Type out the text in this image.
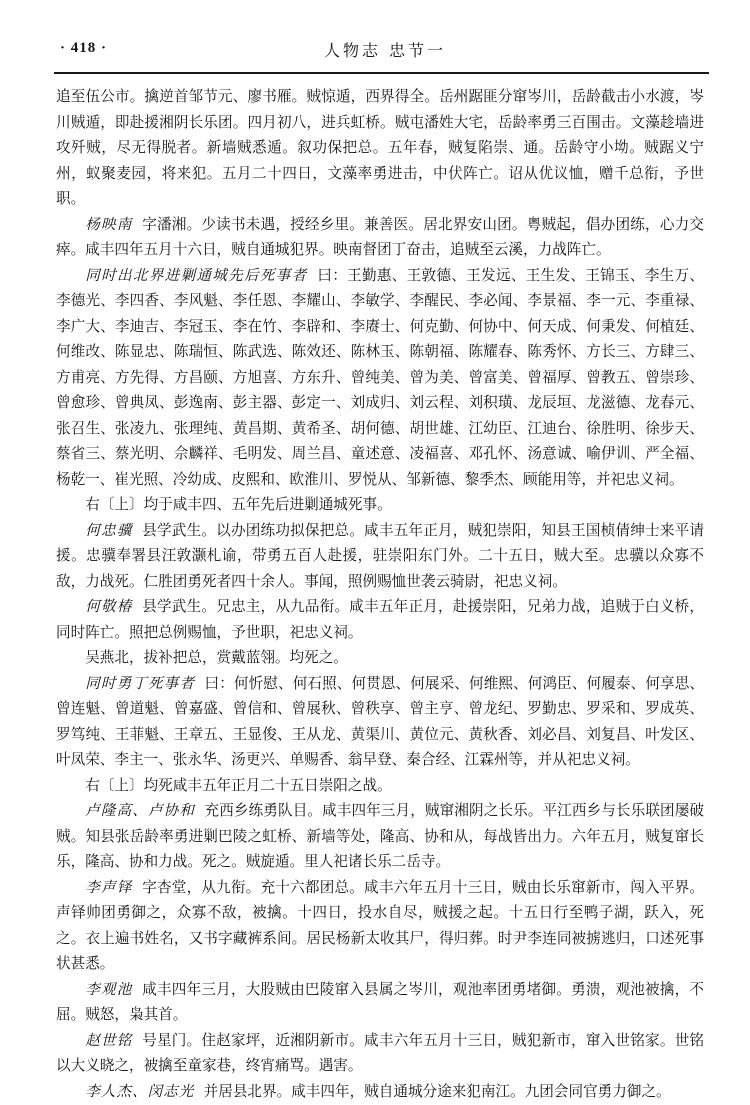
· 418 ·	人物志 忠节一

追至伍公市。擒逆首邹节元、廖书雁。贼惊遁，西界得全。岳州踞匪分窜岑川，岳龄截击小水渡，岑川贼遁，即赴援湘阴长乐团。四月初八，进兵虹桥。贼屯潘姓大宅，岳龄率勇三百围击。文藻趁墙进攻歼贼，尽无得脱者。新墙贼悉遁。叙功保把总。五年春，贼复陷崇、通。岳龄守小坳。贼踞义宁州，蚁聚麦园，将来犯。五月二十四日，文藻率勇进击，中伏阵亡。诏从优议恤，赠千总衔，予世职。

杨映南 字潘湘。少读书未遇，授经乡里。兼善医。居北界安山团。粤贼起，倡办团练，心力交瘁。咸丰四年五月十六日，贼自通城犯界。映南督团丁奋击，追贼至云溪，力战阵亡。

同时出北界进剿通城先后死事者 曰：王勤惠、王敦德、王发远、王生发、王锦玉、李生万、李德光、李四香、李风魁、李任恩、李耀山、李敏学、李醒民、李必闻、李景福、李一元、李重禄、李广大、李迪吉、李冠玉、李在竹、李辟和、李赓士、何克勤、何协中、何天成、何秉发、何植廷、何维改、陈显忠、陈瑞恒、陈武选、陈效还、陈林玉、陈朝福、陈耀春、陈秀怀、方长三、方肆三、方甫亮、方先得、方昌颐、方旭喜、方东升、曾纯美、曾为美、曾富美、曾福厚、曾教五、曾崇珍、曾愈珍、曾典凤、彭逸南、彭主器、彭定一、刘成归、刘云程、刘积璜、龙辰垣、龙滋德、龙春元、张召生、张凌九、张理纯、黄昌期、黄希圣、胡何德、胡世雄、江幼臣、江迪台、徐胜明、徐步天、蔡省三、蔡光明、佘麟祥、毛明发、周兰昌、童述意、凌福喜、邓孔怀、汤意诚、喻伊训、严全福、杨乾一、崔光照、冷幼成、皮熙和、欧淮川、罗悦从、邹新德、黎季杰、顾能用等，并祀忠义祠。

右〔上〕均于咸丰四、五年先后进剿通城死事。

何忠骥 县学武生。以办团练功拟保把总。咸丰五年正月，贼犯崇阳，知县王国桢倩绅士来平请援。忠骥奉署县汪敦灏札谕，带勇五百人赴援，驻崇阳东门外。二十五日，贼大至。忠骥以众寡不敌，力战死。仁胜团勇死者四十余人。事闻，照例赐恤世袭云骑尉，祀忠义祠。

何敬椿 县学武生。兄忠主，从九品衔。咸丰五年正月，赴援崇阳，兄弟力战，追贼于白义桥，同时阵亡。照把总例赐恤，予世职，祀忠义祠。

吴燕北，拔补把总，赏戴蓝翎。均死之。

同时勇丁死事者 曰：何忻慰、何石照、何贯恩、何展采、何维熙、何鸿臣、何履泰、何享思、曾连魁、曾道魁、曾嘉盛、曾信和、曾展秋、曾秩享、曾主亨、曾龙纪、罗勤忠、罗采和、罗成英、罗笃纯、王菲魁、王章五、王显俊、王从龙、黄渠川、黄位元、黄秋香、刘必昌、刘复昌、叶发区、叶凤荣、李主一、张永华、汤更兴、单赐香、翁早登、秦合经、江霖州等，并从祀忠义祠。

右〔上〕均死咸丰五年正月二十五日崇阳之战。

卢隆高、卢协和 充西乡练勇队目。咸丰四年三月，贼窜湘阴之长乐。平江西乡与长乐联团屡破贼。知县张岳龄率勇进剿巴陵之虹桥、新墙等处，隆高、协和从，每战皆出力。六年五月，贼复窜长乐，隆高、协和力战。死之。贼旋遁。里人祀诸长乐二岳寺。

李声铎 字杏堂，从九衔。充十六都团总。咸丰六年五月十三日，贼由长乐窜新市，闯入平界。声铎帅团勇御之，众寡不敌，被擒。十四日，投水自尽，贼援之起。十五日行至鸭子湖，跃入，死之。衣上遍书姓名，又书字藏裤系间。居民杨新太收其尸，得归葬。时尹李连同被掳逃归，口述死事状甚悉。

李观池 咸丰四年三月，大股贼由巴陵窜入县属之岑川，观池率团勇堵御。勇溃，观池被擒，不屈。贼怒，枭其首。

赵世铭 号星门。住赵家坪，近湘阴新市。咸丰六年五月十三日，贼犯新市，窜入世铭家。世铭以大义晓之，被擒至童家巷，终宵痛骂。遇害。

李人杰、闵志光 并居县北界。咸丰四年，贼自通城分途来犯南江。九团会同官勇力御之。
